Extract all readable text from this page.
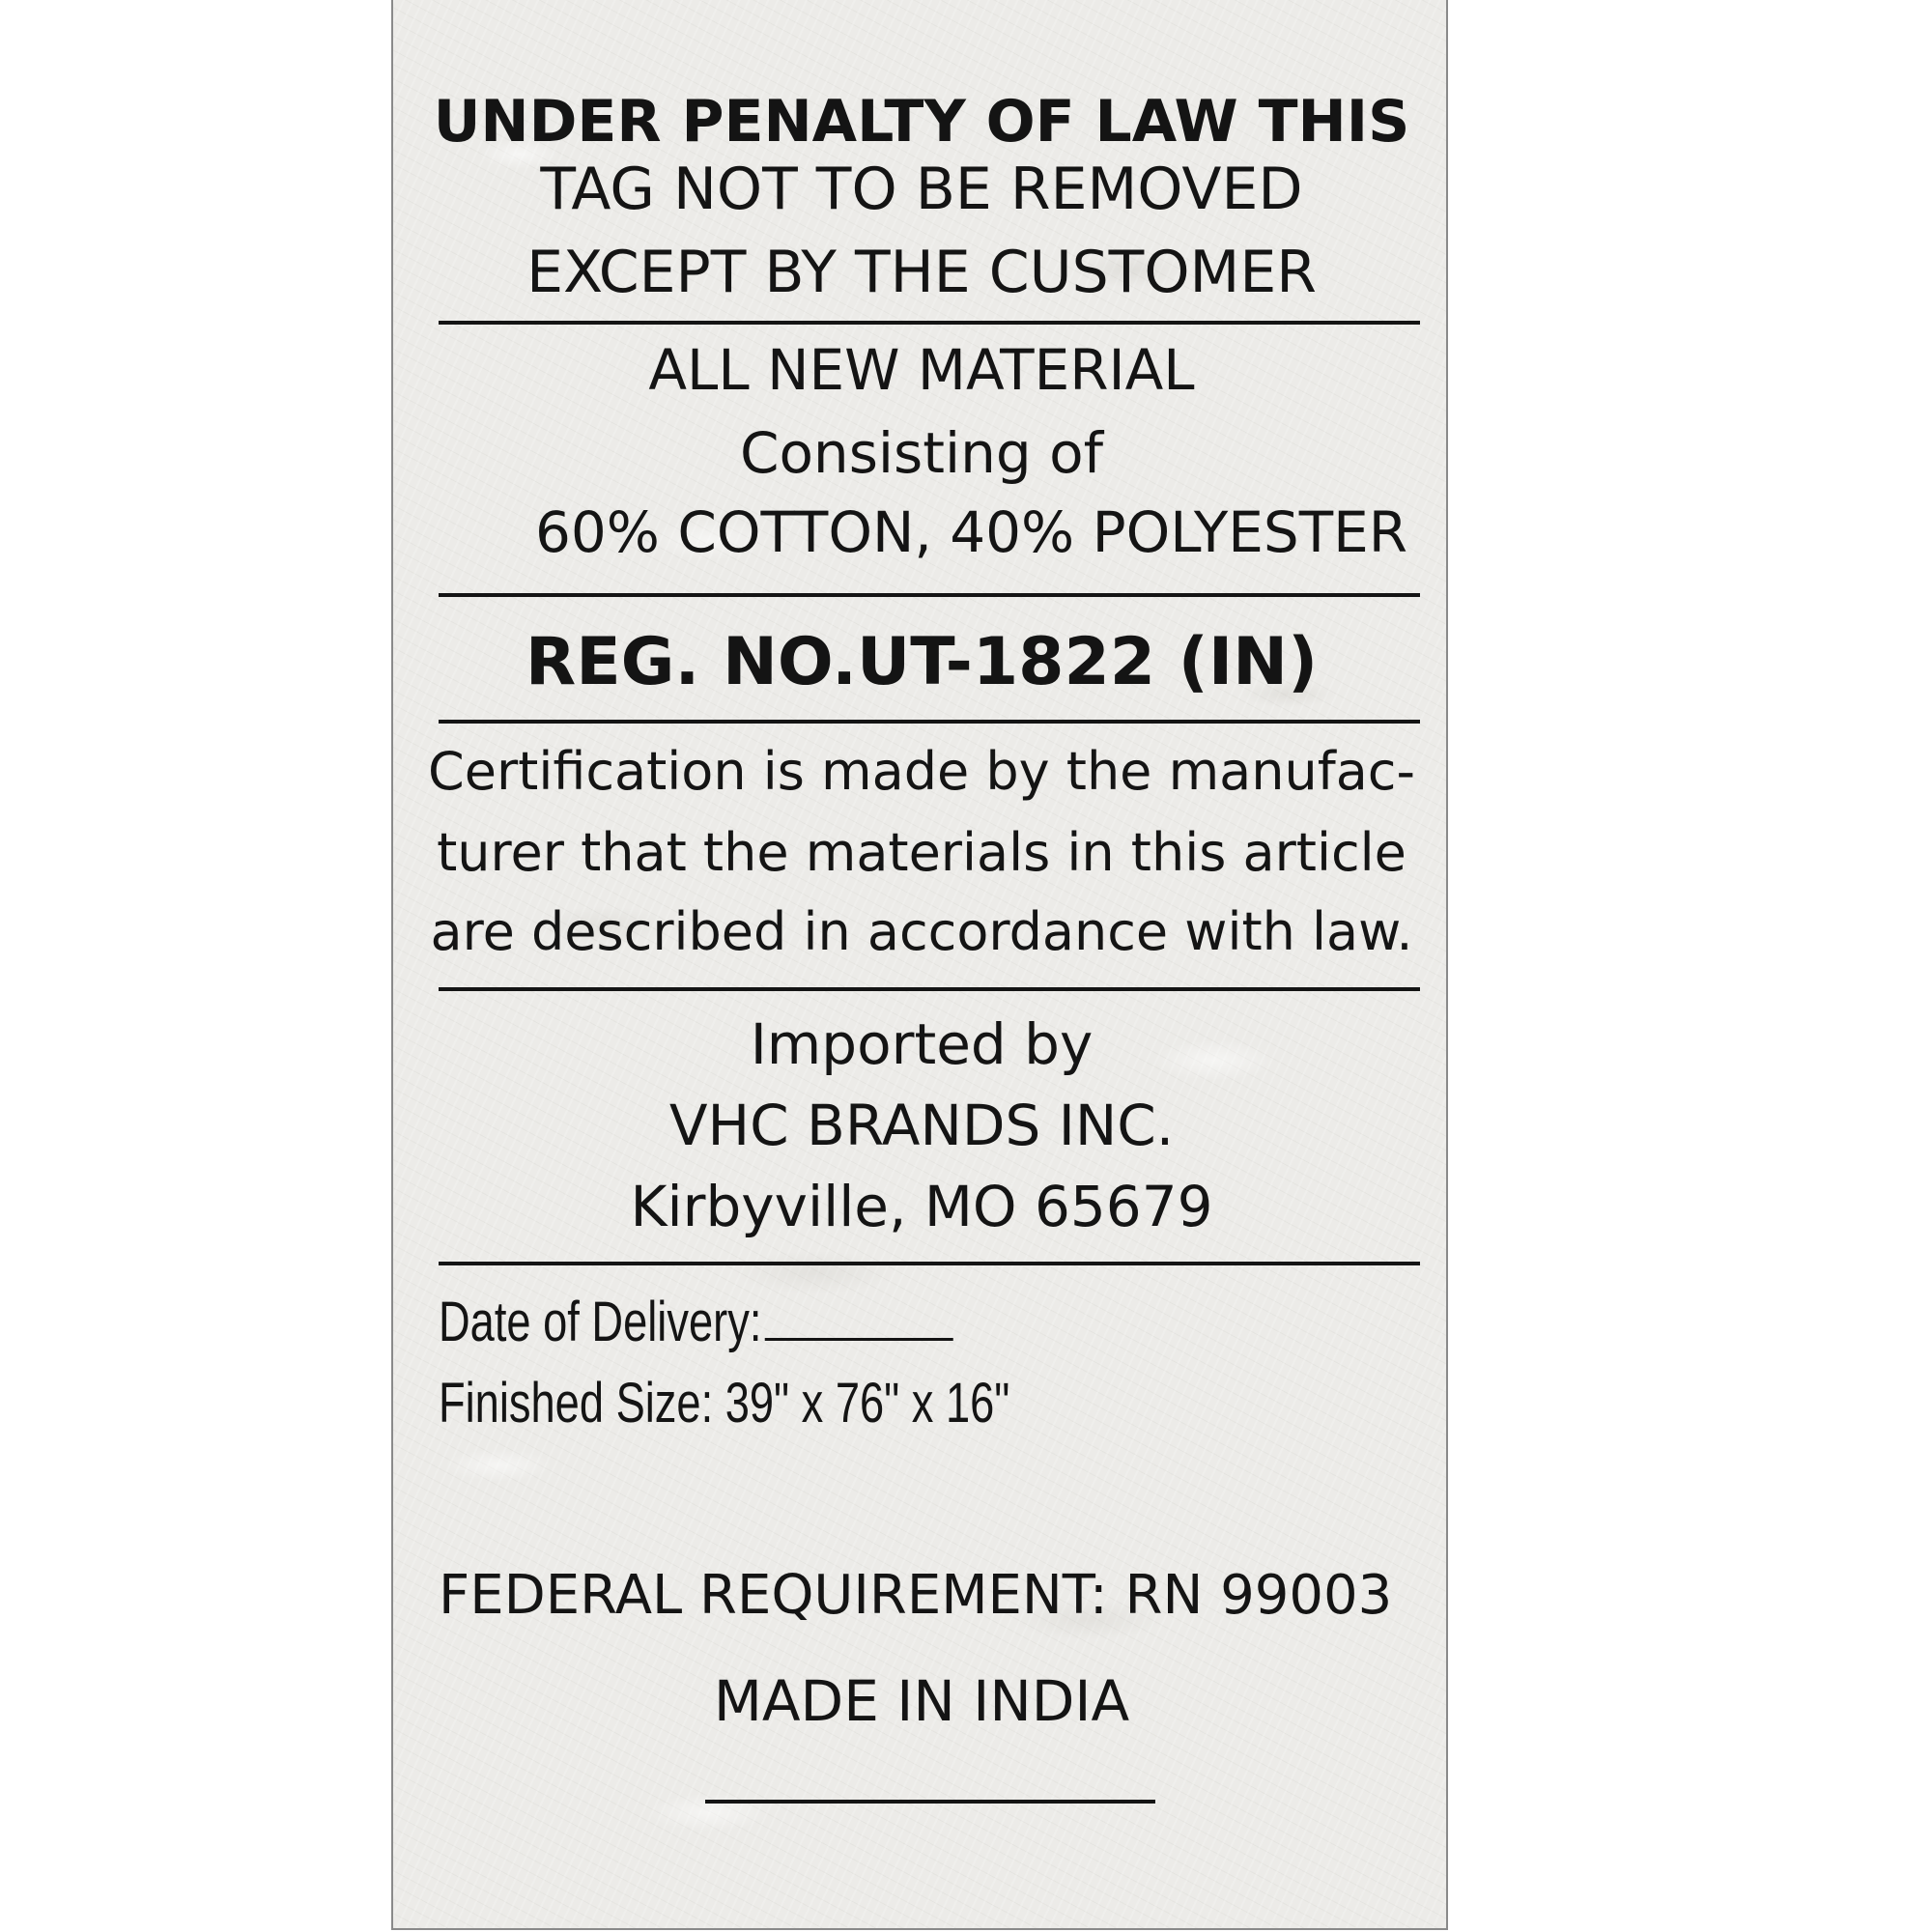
UNDER PENALTY OF LAW THIS
TAG NOT TO BE REMOVED
EXCEPT BY THE CUSTOMER
ALL NEW MATERIAL
Consisting of
60% COTTON, 40% POLYESTER
REG. NO.UT-1822 (IN)
Certification is made by the manufac-
turer that the materials in this article
are described in accordance with law.
Imported by
VHC BRANDS INC.
Kirbyville, MO 65679
Date of Delivery:
Finished Size: 39" x 76" x 16"
FEDERAL REQUIREMENT: RN 99003
MADE IN INDIA
